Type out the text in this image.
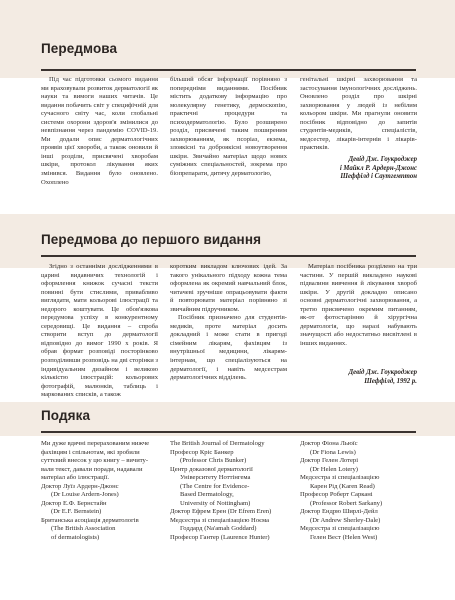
Передмова

Під час підготовки сьомого видання ми враховували розвиток дерматології як науки та вимоги наших читачів. Це видання побачить світ у специфічній для сучасного світу час, коли глобальні системи охорони здоров'я змінилися до невпізнання через пандемію COVID-19. Ми додали опис дерматологічних проявів цієї хвороби, а також оновили й інші розділи, присвячені хворобам шкіри, протокол лікування яких змінився. Видання було оновлено. Охоплено

більший обсяг інформації порівняно з попередніми виданнями. Посібник містить додаткову інформацію про молекулярну генетику, дермоскопію, практичні процедури та психодерматологію. Було розширено розділ, присвячені таким поширеним захворюванням, як псоріаз, екзема, злоякісні та доброякісні новоутворення шкіри. Звичайно матеріал щодо нових суміжних спеціальностей, зокрема про біопрепарати, дитячу дерматологію,

генітальні шкірні захворювання та застосування імунологічних досліджень. Оновлено розділ про шкірні захворювання у людей із небілим кольором шкіри. Ми прагнули оновити посібник відповідно до запитів студентів-медиків, спеціалістів, медсестер, лікарів-інтернів і лікарів-практиків.

Девід Дж. Гоукроджер
і Майкл Р. Ардерн-Джонс
Шеффілд і Саутгемптон
Передмова до першого видання

Згідно з останніми дослідженнями в царині видавничих технологій і оформлення книжок сучасні тексти повинні бути стислими, привабливо виглядати, мати кольорові ілюстрації та недорого коштувати. Це обов'язкова передумова успіху в конкурентному середовищі. Це видання – спроба створити вступ до дерматології відповідно до вимог 1990 х років. Я обрав формат розповіді посторінково розподіливши розповідь на дві сторінки з індивідуальним дизайном і великою кількістю ілюстрацій: кольорових фотографій, малюнків, таблиць і маркованих списків, а також

коротким викладом ключових ідей. За такого унікального підходу кожна тема оформлена як окремий навчальний блок, читачеві зручніше опрацьовувати факти й повторювати матеріал порівняно зі звичайним підручником.

Посібник призначено для студентів-медиків, проте матеріал досить докладний і може стати в пригоді сімейним лікарям, фахівцям із внутрішньої медицини, лікарям-інтернам, що спеціалізуються на дерматології, і навіть медсестрам дерматологічних відділень.

Матеріал посібника розділено на три частини. У першій викладено наукові підвалини вивчення й лікування хвороб шкіри. У другій докладно описано основні дерматологічні захворювання, а третю присвячено окремим питанням, як-от фотостарінню й хірургічна дерматологія, що наразі набувають значущості або недостатньо висвітлені в інших виданнях.

Девід Дж. Гоукроджер
Шеффілд, 1992 р.
Подяка
Ми дуже вдячні перерахованим нижче
фахівцям і спільнотам, які зробили
суттєвий внесок у цю книгу – вичиту-
вали текст, давали поради, надавали
матеріал або ілюстрації.
Доктор Луїз Ардерн-Джонс
(Dr Louise Ardern-Jones)
Доктор Е.Ф. Бернстайн
(Dr E.F. Bernstein)
Британська асоціація дерматологів
(The British Association
of dermatologists)
The British Journal of Dermatology
Професор Кріс Банкер
(Professor Chris Bunker)
Центр доказової дерматології
Університету Ноттінгема
(The Centre for Evidence-
Based Dermatology,
University of Nottingham)
Доктор Ефрем Ерен (Dr Efrem Eren)
Медсестра зі спеціалізацією Ноєма
Годдард (Na'amah Goddard)
Професор Гантер (Laurence Hunter)
Доктор Фіона Льюїс
(Dr Fiona Lewis)
Доктор Гелен Лотері
(Dr Helen Lotery)
Медсестра зі спеціалізацією
Карен Рід (Karen Read)
Професор Роберт Саркані
(Professor Robert Sarkany)
Доктор Ендрю Ширлі-Дейл
(Dr Andrew Sherley-Dale)
Медсестра зі спеціалізацією
Гелен Вест (Helen West)
